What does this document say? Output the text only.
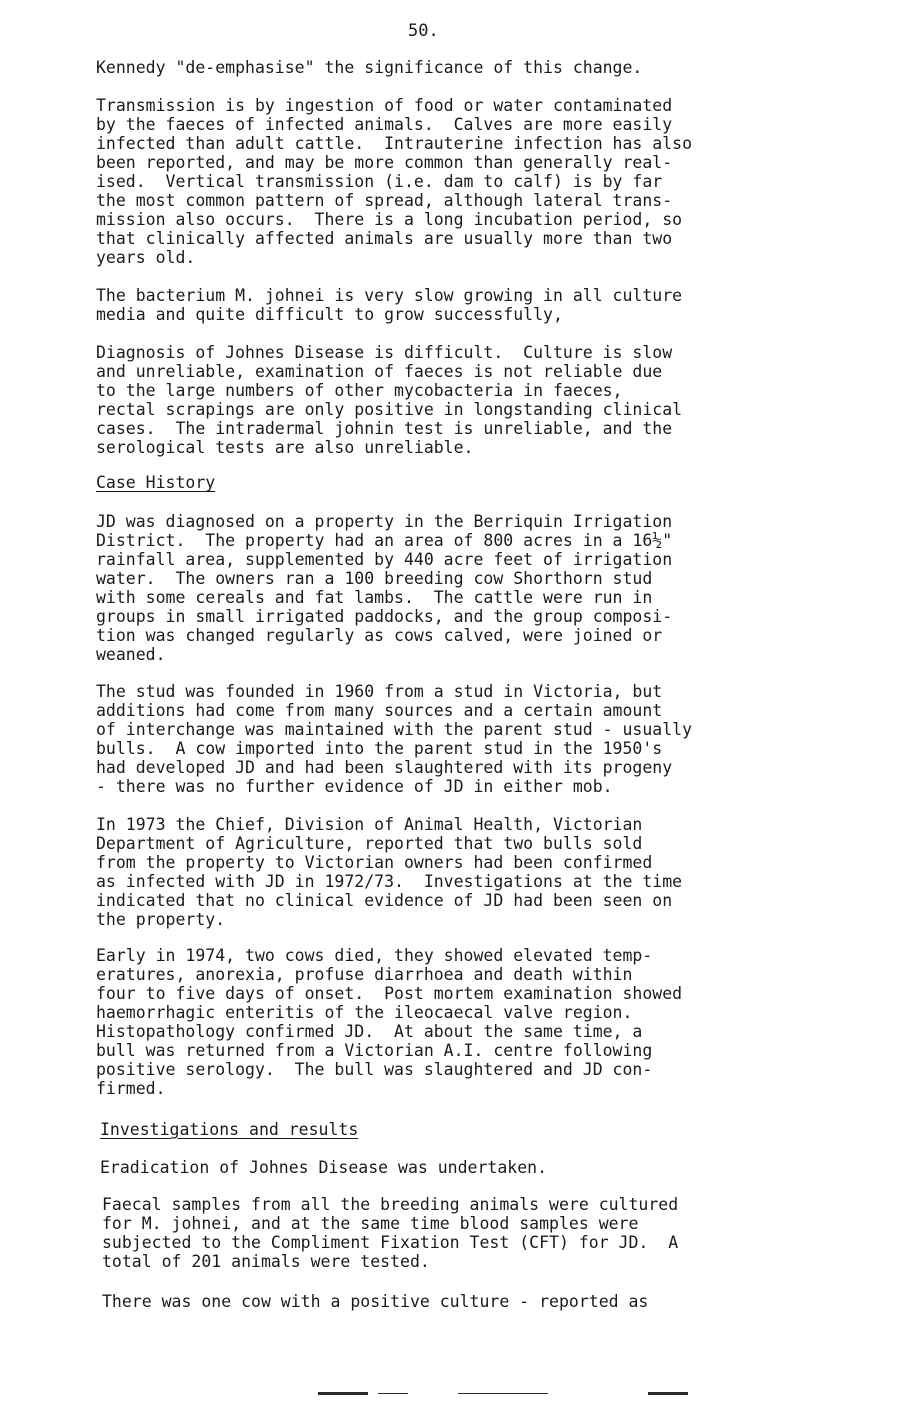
50.
Kennedy "de-emphasise" the significance of this change.
Transmission is by ingestion of food or water contaminated
by the faeces of infected animals.  Calves are more easily
infected than adult cattle.  Intrauterine infection has also
been reported, and may be more common than generally real-
ised.  Vertical transmission (i.e. dam to calf) is by far
the most common pattern of spread, although lateral trans-
mission also occurs.  There is a long incubation period, so
that clinically affected animals are usually more than two
years old.
The bacterium M. johnei is very slow growing in all culture
media and quite difficult to grow successfully,
Diagnosis of Johnes Disease is difficult.  Culture is slow
and unreliable, examination of faeces is not reliable due
to the large numbers of other mycobacteria in faeces,
rectal scrapings are only positive in longstanding clinical
cases.  The intradermal johnin test is unreliable, and the
serological tests are also unreliable.
Case History
JD was diagnosed on a property in the Berriquin Irrigation
District.  The property had an area of 800 acres in a 16½"
rainfall area, supplemented by 440 acre feet of irrigation
water.  The owners ran a 100 breeding cow Shorthorn stud
with some cereals and fat lambs.  The cattle were run in
groups in small irrigated paddocks, and the group composi-
tion was changed regularly as cows calved, were joined or
weaned.
The stud was founded in 1960 from a stud in Victoria, but
additions had come from many sources and a certain amount
of interchange was maintained with the parent stud - usually
bulls.  A cow imported into the parent stud in the 1950's
had developed JD and had been slaughtered with its progeny
- there was no further evidence of JD in either mob.
In 1973 the Chief, Division of Animal Health, Victorian
Department of Agriculture, reported that two bulls sold
from the property to Victorian owners had been confirmed
as infected with JD in 1972/73.  Investigations at the time
indicated that no clinical evidence of JD had been seen on
the property.
Early in 1974, two cows died, they showed elevated temp-
eratures, anorexia, profuse diarrhoea and death within
four to five days of onset.  Post mortem examination showed
haemorrhagic enteritis of the ileocaecal valve region.
Histopathology confirmed JD.  At about the same time, a
bull was returned from a Victorian A.I. centre following
positive serology.  The bull was slaughtered and JD con-
firmed.
Investigations and results
Eradication of Johnes Disease was undertaken.
Faecal samples from all the breeding animals were cultured
for M. johnei, and at the same time blood samples were
subjected to the Compliment Fixation Test (CFT) for JD.  A
total of 201 animals were tested.
There was one cow with a positive culture - reported as
